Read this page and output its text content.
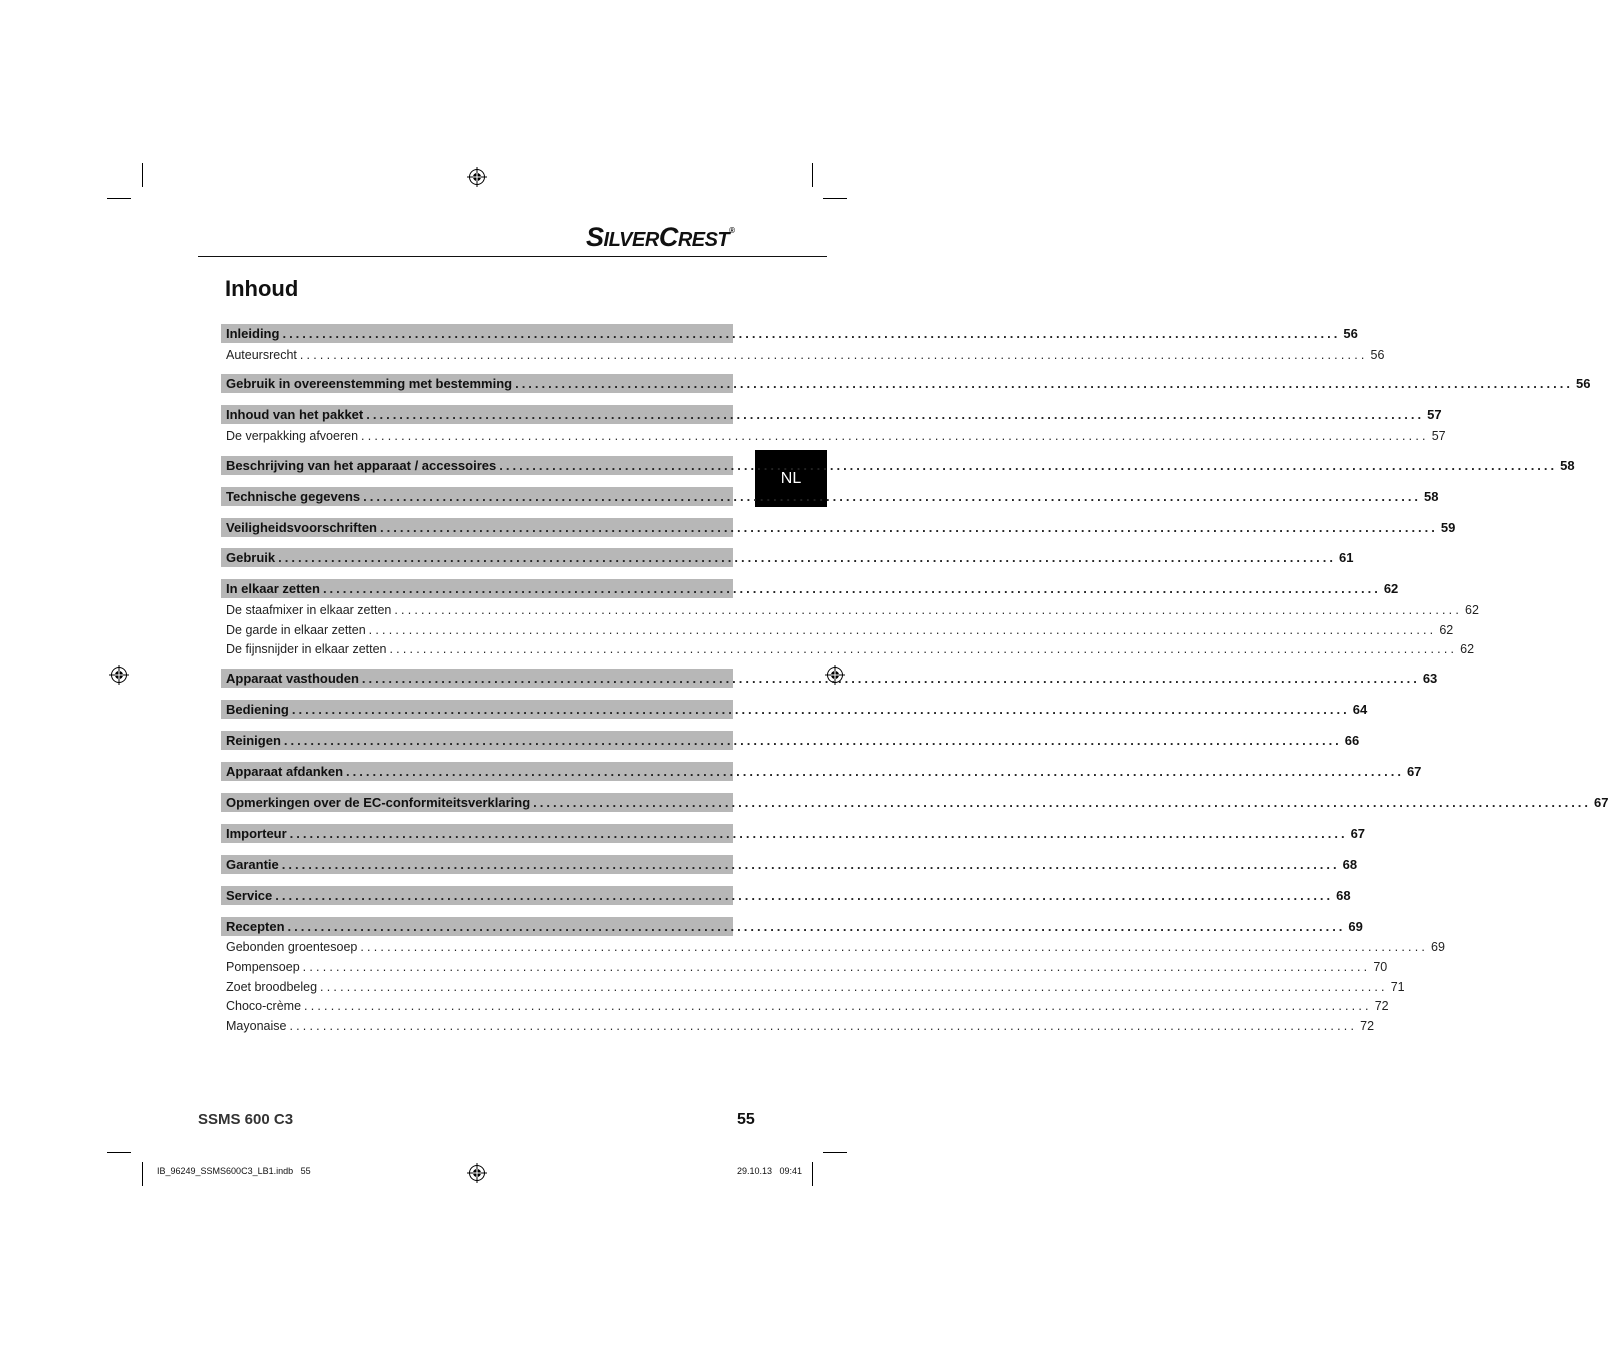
SILVERCREST®
Inhoud
NL
Inleiding ................................................................................................................................................................ 56
Auteursrecht ................................................................................................................................................................ 56
Gebruik in overeenstemming met bestemming ................................................................................................................................................................ 56
Inhoud van het pakket ................................................................................................................................................................ 57
De verpakking afvoeren ................................................................................................................................................................ 57
Beschrijving van het apparaat / accessoires ................................................................................................................................................................ 58
Technische gegevens ................................................................................................................................................................ 58
Veiligheidsvoorschriften ................................................................................................................................................................ 59
Gebruik ................................................................................................................................................................ 61
In elkaar zetten ................................................................................................................................................................ 62
De staafmixer in elkaar zetten ................................................................................................................................................................ 62
De garde in elkaar zetten ................................................................................................................................................................ 62
De fijnsnijder in elkaar zetten ................................................................................................................................................................ 62
Apparaat vasthouden ................................................................................................................................................................ 63
Bediening ................................................................................................................................................................ 64
Reinigen ................................................................................................................................................................ 66
Apparaat afdanken ................................................................................................................................................................ 67
Opmerkingen over de EC-conformiteitsverklaring ................................................................................................................................................................ 67
Importeur ................................................................................................................................................................ 67
Garantie ................................................................................................................................................................ 68
Service ................................................................................................................................................................ 68
Recepten ................................................................................................................................................................ 69
Gebonden groentesoep ................................................................................................................................................................ 69
Pompensoep ................................................................................................................................................................ 70
Zoet broodbeleg ................................................................................................................................................................ 71
Choco-crème ................................................................................................................................................................ 72
Mayonaise ................................................................................................................................................................ 72
SSMS 600 C3	55
IB_96249_SSMS600C3_LB1.indb   55	29.10.13   09:41
